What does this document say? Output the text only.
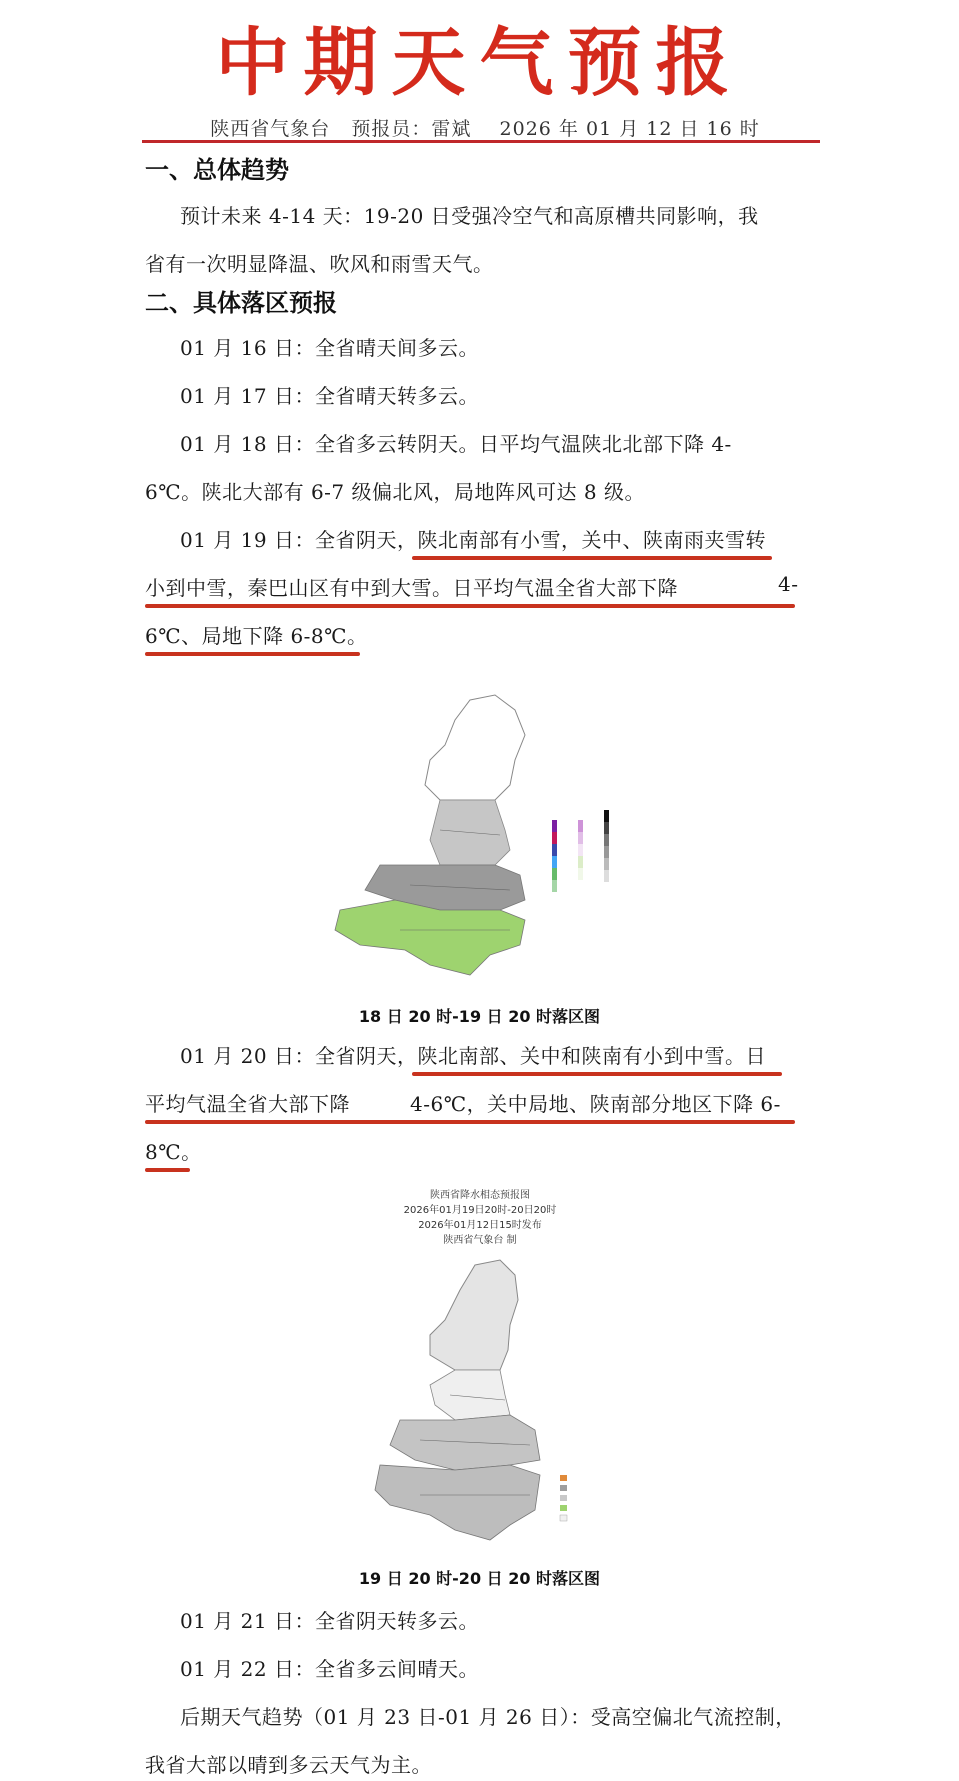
中期天气预报
陕西省气象台   预报员：雷斌    2026 年 01 月 12 日 16 时
一、总体趋势
预计未来 4-14 天：19-20 日受强冷空气和高原槽共同影响，我
省有一次明显降温、吹风和雨雪天气。
二、具体落区预报
01 月 16 日：全省晴天间多云。
01 月 17 日：全省晴天转多云。
01 月 18 日：全省多云转阴天。日平均气温陕北北部下降 4-
6℃。陕北大部有 6-7 级偏北风，局地阵风可达 8 级。
01 月 19 日：全省阴天，陕北南部有小雪，关中、陕南雨夹雪转
小到中雪，秦巴山区有中到大雪。日平均气温全省大部下降	4-
6℃、局地下降 6-8℃。
18 日 20 时-19 日 20 时落区图
01 月 20 日：全省阴天，陕北南部、关中和陕南有小到中雪。日
平均气温全省大部下降	4-6℃，关中局地、陕南部分地区下降 6-
8℃。
陕西省降水相态预报图
2026年01月19日20时-20日20时
2026年01月12日15时发布
陕西省气象台 制
19 日 20 时-20 日 20 时落区图
01 月 21 日：全省阴天转多云。
01 月 22 日：全省多云间晴天。
后期天气趋势（01 月 23 日-01 月 26 日）：受高空偏北气流控制，
我省大部以晴到多云天气为主。
